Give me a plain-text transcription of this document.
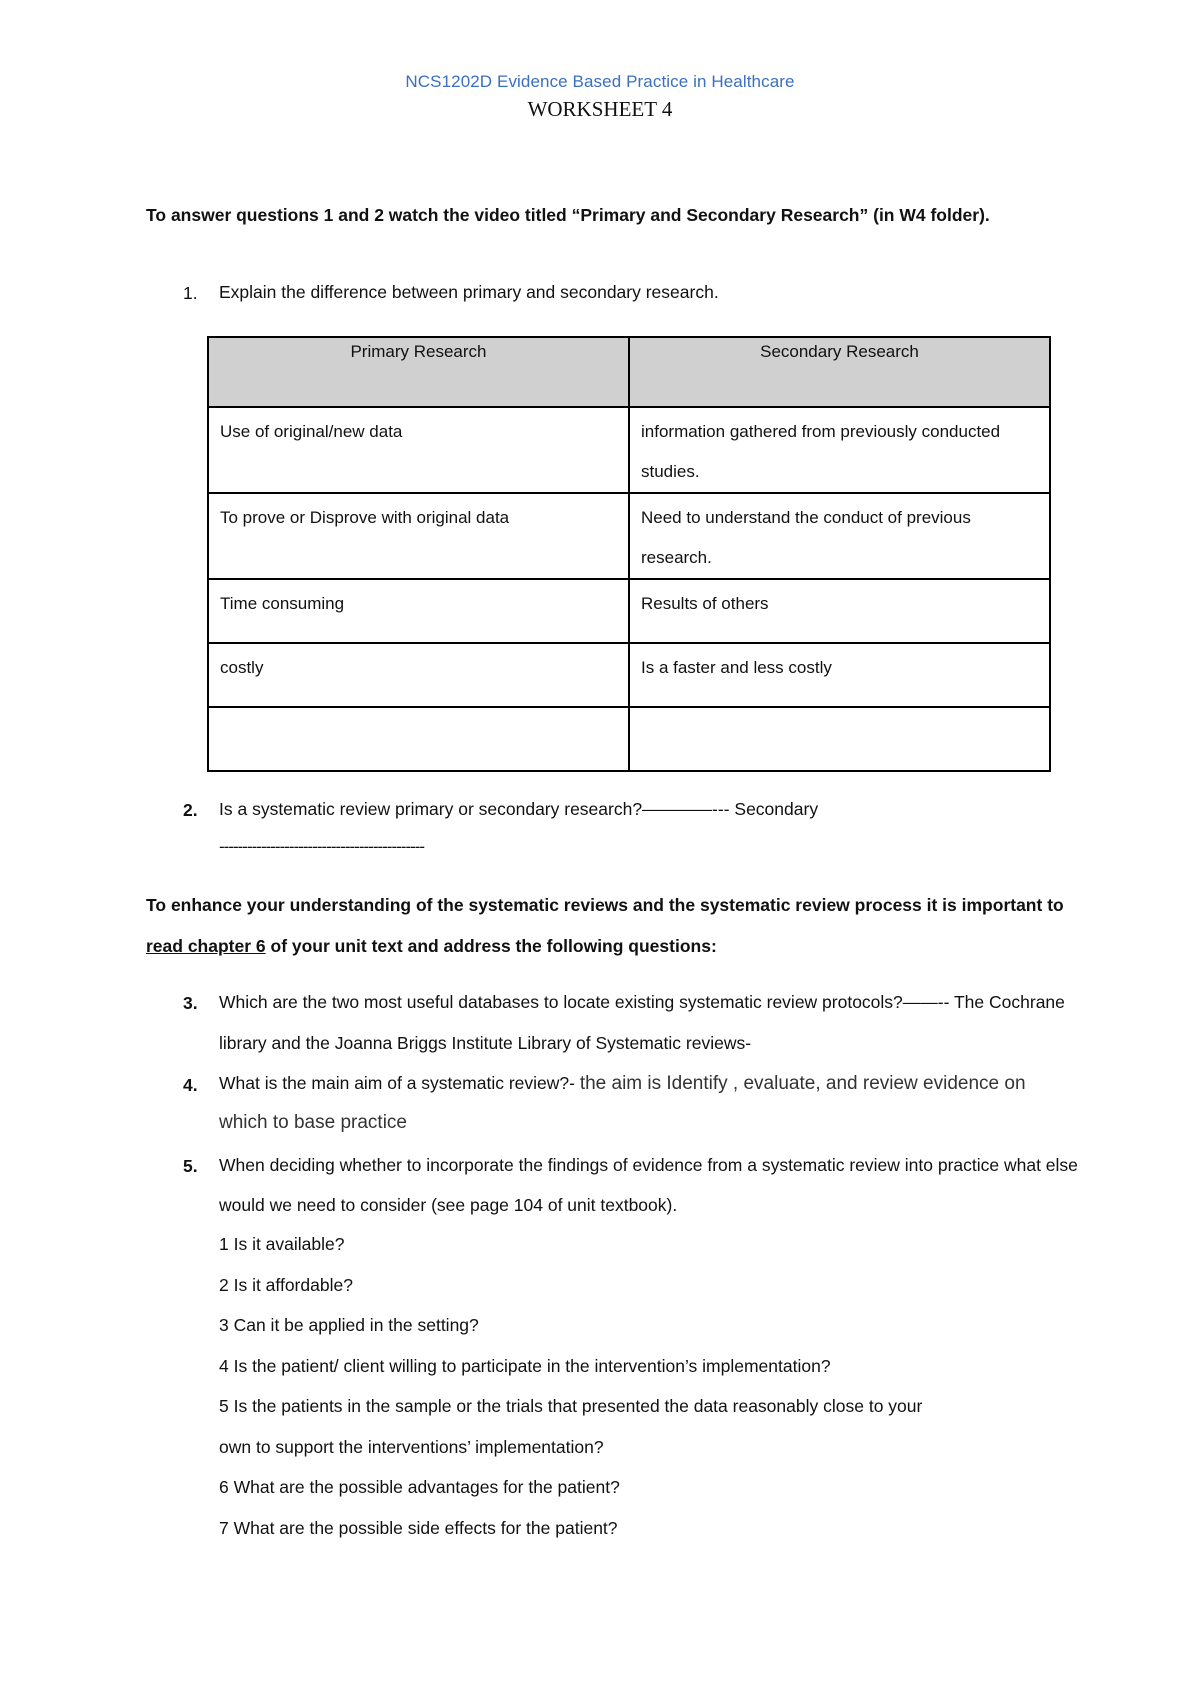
NCS1202D Evidence Based Practice in Healthcare
WORKSHEET 4
To answer questions 1 and 2 watch the video titled “Primary and Secondary Research” (in W4 folder).
1. Explain the difference between primary and secondary research.
Primary Research	Secondary Research
Use of original/new data	information gathered from previously conducted studies.
To prove or Disprove with original data	Need to understand the conduct of previous research.
Time consuming	Results of others
costly	Is a faster and less costly

2. Is a systematic review primary or secondary research?————--- Secondary
--------------------------------------------
To enhance your understanding of the systematic reviews and the systematic review process it is important to read chapter 6 of your unit text and address the following questions:
3. Which are the two most useful databases to locate existing systematic review protocols?——-- The Cochrane library and the Joanna Briggs Institute Library of Systematic reviews-
4. What is the main aim of a systematic review?- the aim is Identify , evaluate, and review evidence on which to base practice
5. When deciding whether to incorporate the findings of evidence from a systematic review into practice what else would we need to consider (see page 104 of unit textbook).
1 Is it available?
2 Is it affordable?
3 Can it be applied in the setting?
4 Is the patient/ client willing to participate in the intervention’s implementation?
5 Is the patients in the sample or the trials that presented the data reasonably close to your
own to support the interventions’ implementation?
6 What are the possible advantages for the patient?
7 What are the possible side effects for the patient?
